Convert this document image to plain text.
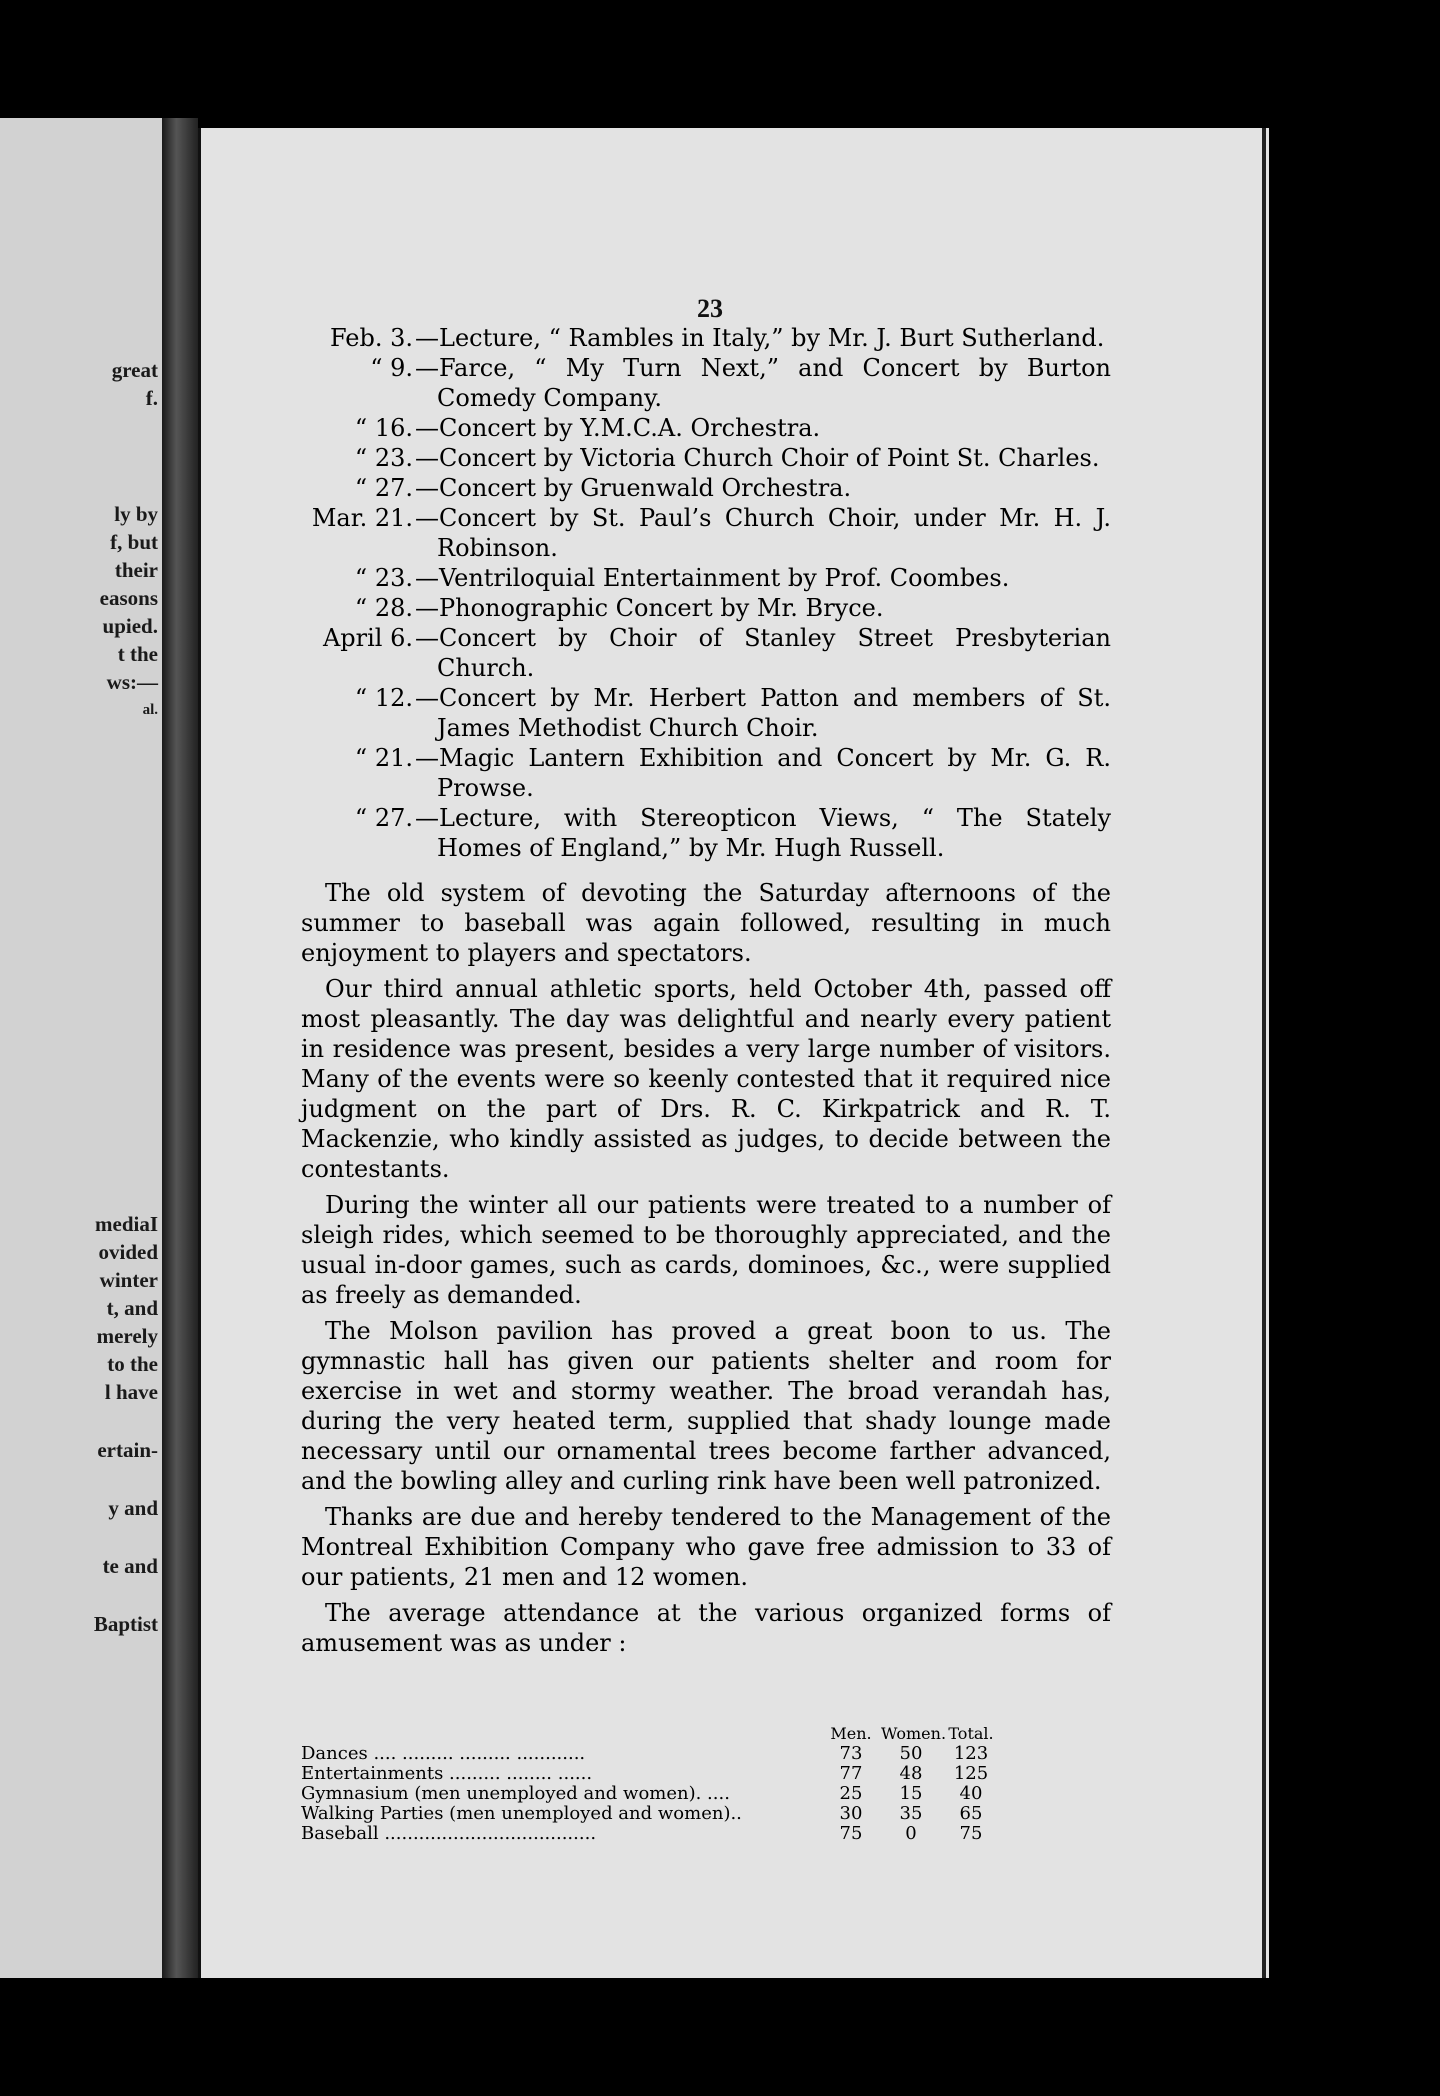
great
f.
ly by
f, but
their
easons
upied.
t the
ws:—
al.
mediaI
ovided
winter
t, and
merely
to the
l have
ertain-
y and
te and
Baptist
23
Feb. 3. —Lecture, “ Rambles in Italy,” by Mr. J. Burt Sutherland.
“ 9. —Farce, “ My Turn Next,” and Concert by Burton Comedy Company.
“ 16. —Concert by Y.M.C.A. Orchestra.
“ 23. —Concert by Victoria Church Choir of Point St. Charles.
“ 27. —Concert by Gruenwald Orchestra.
Mar. 21. —Concert by St. Paul’s Church Choir, under Mr. H. J. Robinson.
“ 23. —Ventriloquial Entertainment by Prof. Coombes.
“ 28. —Phonographic Concert by Mr. Bryce.
April 6. —Concert by Choir of Stanley Street Presbyterian Church.
“ 12. —Concert by Mr. Herbert Patton and members of St. James Methodist Church Choir.
“ 21. —Magic Lantern Exhibition and Concert by Mr. G. R. Prowse.
“ 27. —Lecture, with Stereopticon Views, “ The Stately Homes of England,” by Mr. Hugh Russell.

The old system of devoting the Saturday afternoons of the summer to baseball was again followed, resulting in much enjoyment to players and spectators.

Our third annual athletic sports, held October 4th, passed off most pleasantly. The day was delightful and nearly every patient in residence was present, besides a very large number of visitors. Many of the events were so keenly contested that it required nice judgment on the part of Drs. R. C. Kirkpatrick and R. T. Mackenzie, who kindly assisted as judges, to decide between the contestants.

During the winter all our patients were treated to a number of sleigh rides, which seemed to be thoroughly appreciated, and the usual in-door games, such as cards, dominoes, &c., were supplied as freely as demanded.

The Molson pavilion has proved a great boon to us. The gymnastic hall has given our patients shelter and room for exercise in wet and stormy weather. The broad verandah has, during the very heated term, supplied that shady lounge made necessary until our ornamental trees become farther advanced, and the bowling alley and curling rink have been well patronized.

Thanks are due and hereby tendered to the Management of the Montreal Exhibition Company who gave free admission to 33 of our patients, 21 men and 12 women.

The average attendance at the various organized forms of amusement was as under :

Men. Women. Total.
Dances .... ......... ......... ............	73	50	123
Entertainments ......... ........ ......	77	48	125
Gymnasium (men unemployed and women). ....	25	15	40
Walking Parties (men unemployed and women)..	30	35	65
Baseball .....................................	75	0	75
